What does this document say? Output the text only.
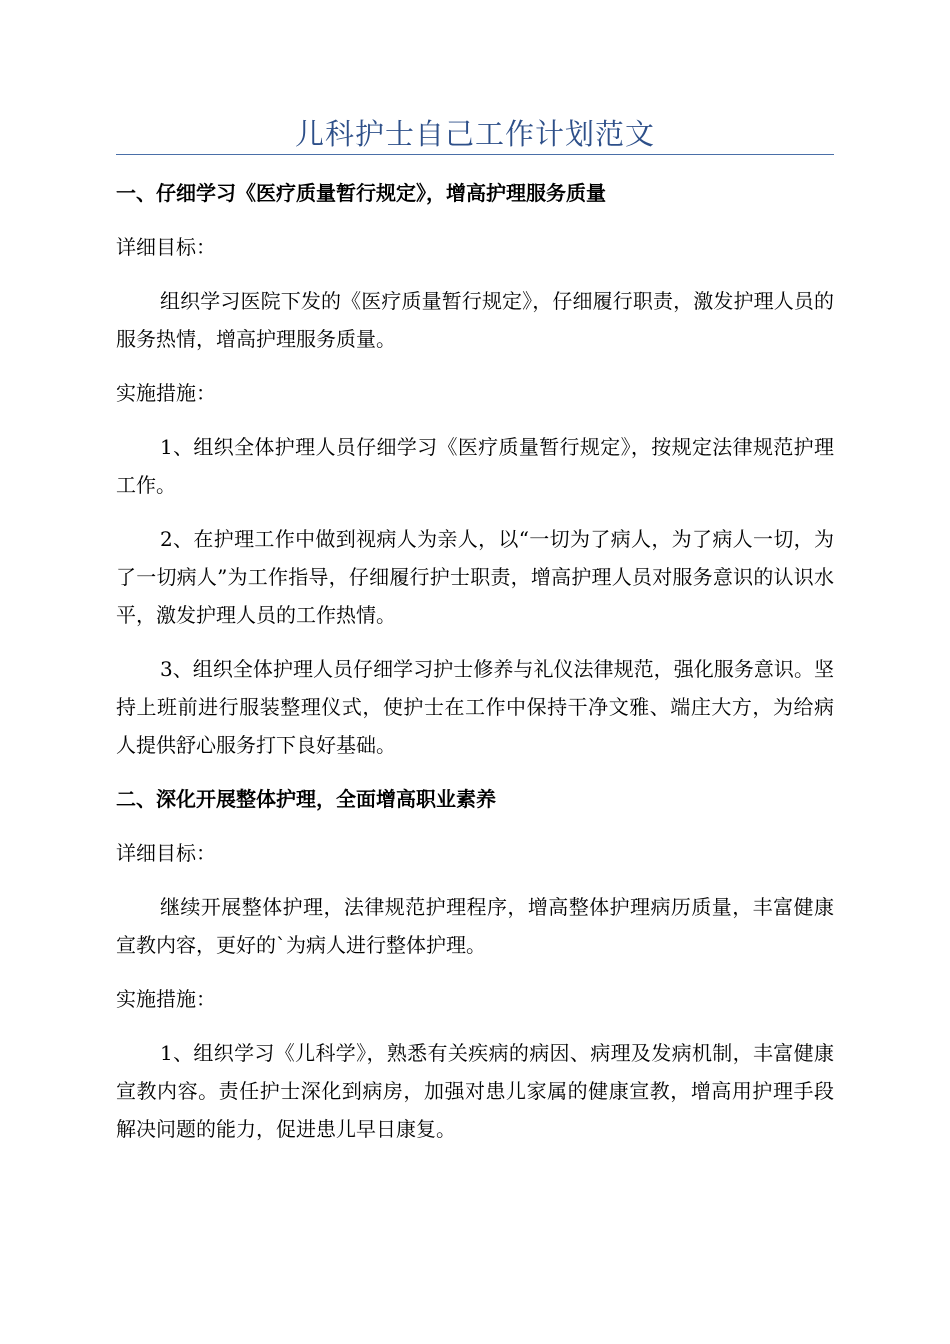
儿科护士自己工作计划范文
一、仔细学习《医疗质量暂行规定》，增高护理服务质量
详细目标：
组织学习医院下发的《医疗质量暂行规定》，仔细履行职责，激发护理人员的服务热情，增高护理服务质量。
实施措施：
1、组织全体护理人员仔细学习《医疗质量暂行规定》，按规定法律规范护理工作。
2、在护理工作中做到视病人为亲人，以“一切为了病人，为了病人一切，为了一切病人”为工作指导，仔细履行护士职责，增高护理人员对服务意识的认识水平，激发护理人员的工作热情。
3、组织全体护理人员仔细学习护士修养与礼仪法律规范，强化服务意识。坚持上班前进行服装整理仪式，使护士在工作中保持干净文雅、端庄大方，为给病人提供舒心服务打下良好基础。
二、深化开展整体护理，全面增高职业素养
详细目标：
继续开展整体护理，法律规范护理程序，增高整体护理病历质量，丰富健康宣教内容，更好的`为病人进行整体护理。
实施措施：
1、组织学习《儿科学》，熟悉有关疾病的病因、病理及发病机制，丰富健康宣教内容。责任护士深化到病房，加强对患儿家属的健康宣教，增高用护理手段解决问题的能力，促进患儿早日康复。
